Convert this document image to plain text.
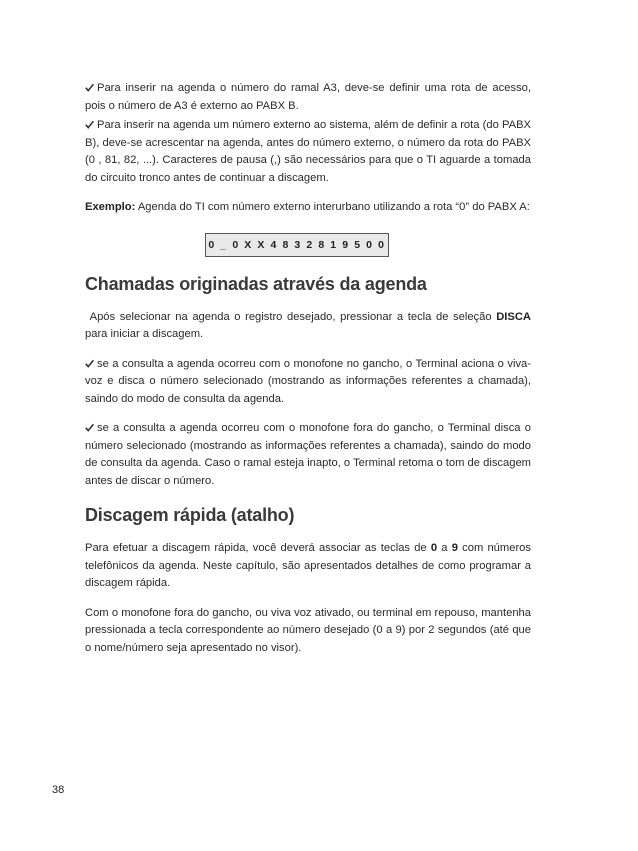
Para inserir na agenda o número do ramal A3, deve-se definir uma rota de acesso, pois o número de A3 é externo ao PABX B.

Para inserir na agenda um número externo ao sistema, além de definir a rota (do PABX B), deve-se acrescentar na agenda, antes do número externo, o número da rota do PABX (0 , 81, 82, ...). Caracteres de pausa (,) são necessários para que o TI aguarde a tomada do circuito tronco antes de continuar a discagem.

Exemplo: Agenda do TI com número externo interurbano utilizando a rota “0” do PABX A:

0 _ 0 X X 4 8 3 2 8 1 9 5 0 0
Chamadas originadas através da agenda

Após selecionar na agenda o registro desejado, pressionar a tecla de seleção DISCA para iniciar a discagem.

se a consulta a agenda ocorreu com o monofone no gancho, o Terminal aciona o viva-voz e disca o número selecionado (mostrando as informações referentes a chamada), saindo do modo de consulta da agenda.

se a consulta a agenda ocorreu com o monofone fora do gancho, o Terminal disca o número selecionado (mostrando as informações referentes a chamada), saindo do modo de consulta da agenda. Caso o ramal esteja inapto, o Terminal retoma o tom de discagem antes de discar o número.

Discagem rápida (atalho)

Para efetuar a discagem rápida, você deverá associar as teclas de 0 a 9 com números telefônicos da agenda. Neste capítulo, são apresentados detalhes de como programar a discagem rápida.

Com o monofone fora do gancho, ou viva voz ativado, ou terminal em repouso, mantenha pressionada a tecla correspondente ao número desejado (0 a 9) por 2 segundos (até que o nome/número seja apresentado no visor).

38
